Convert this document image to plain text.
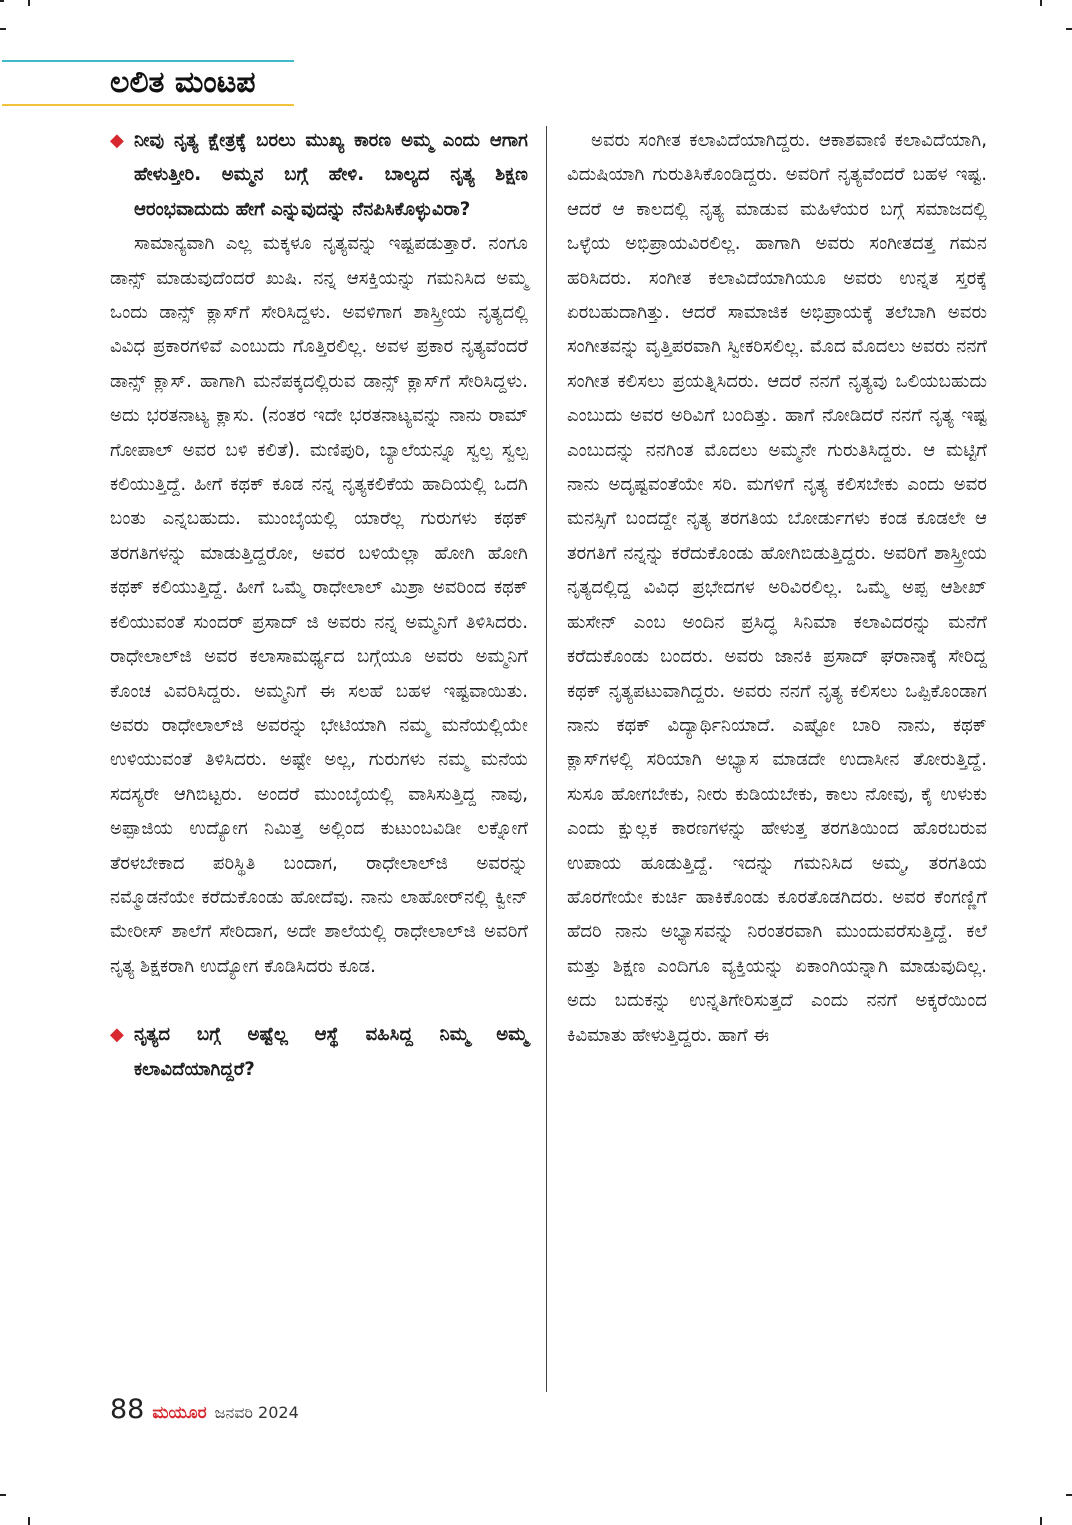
ಲಲಿತ ಮಂಟಪ

◆ ನೀವು ನೃತ್ಯ ಕ್ಷೇತ್ರಕ್ಕೆ ಬರಲು ಮುಖ್ಯ ಕಾರಣ ಅಮ್ಮ ಎಂದು ಆಗಾಗ ಹೇಳುತ್ತೀರಿ. ಅಮ್ಮನ ಬಗ್ಗೆ ಹೇಳಿ. ಬಾಲ್ಯದ ನೃತ್ಯ ಶಿಕ್ಷಣ ಆರಂಭವಾದುದು ಹೇಗೆ ಎನ್ನುವುದನ್ನು ನೆನಪಿಸಿಕೊಳ್ಳುವಿರಾ?

ಸಾಮಾನ್ಯವಾಗಿ ಎಲ್ಲ ಮಕ್ಕಳೂ ನೃತ್ಯವನ್ನು ಇಷ್ಟಪಡುತ್ತಾರೆ. ನಂಗೂ ಡಾನ್ಸ್ ಮಾಡುವುದೆಂದರೆ ಖುಷಿ. ನನ್ನ ಆಸಕ್ತಿಯನ್ನು ಗಮನಿಸಿದ ಅಮ್ಮ ಒಂದು ಡಾನ್ಸ್ ಕ್ಲಾಸ್‌ಗೆ ಸೇರಿಸಿದ್ದಳು. ಅವಳಿಗಾಗ ಶಾಸ್ತ್ರೀಯ ನೃತ್ಯದಲ್ಲಿ ವಿವಿಧ ಪ್ರಕಾರಗಳಿವೆ ಎಂಬುದು ಗೊತ್ತಿರಲಿಲ್ಲ. ಅವಳ ಪ್ರಕಾರ ನೃತ್ಯವೆಂದರೆ ಡಾನ್ಸ್ ಕ್ಲಾಸ್. ಹಾಗಾಗಿ ಮನೆಪಕ್ಕದಲ್ಲಿರುವ ಡಾನ್ಸ್ ಕ್ಲಾಸ್‌ಗೆ ಸೇರಿಸಿದ್ದಳು. ಅದು ಭರತನಾಟ್ಯ ಕ್ಲಾಸು. (ನಂತರ ಇದೇ ಭರತನಾಟ್ಯವನ್ನು ನಾನು ರಾಮ್ ಗೋಪಾಲ್ ಅವರ ಬಳಿ ಕಲಿತೆ). ಮಣಿಪುರಿ, ಬ್ಯಾಲೆಯನ್ನೂ ಸ್ವಲ್ಪ ಸ್ವಲ್ಪ ಕಲಿಯುತ್ತಿದ್ದೆ. ಹೀಗೆ ಕಥಕ್ ಕೂಡ ನನ್ನ ನೃತ್ಯಕಲಿಕೆಯ ಹಾದಿಯಲ್ಲಿ ಒದಗಿ ಬಂತು ಎನ್ನಬಹುದು. ಮುಂಬೈಯಲ್ಲಿ ಯಾರೆಲ್ಲ ಗುರುಗಳು ಕಥಕ್ ತರಗತಿಗಳನ್ನು ಮಾಡುತ್ತಿದ್ದರೋ, ಅವರ ಬಳಿಯೆಲ್ಲಾ ಹೋಗಿ ಹೋಗಿ ಕಥಕ್ ಕಲಿಯುತ್ತಿದ್ದೆ. ಹೀಗೆ ಒಮ್ಮೆ ರಾಧೇಲಾಲ್ ಮಿಶ್ರಾ ಅವರಿಂದ ಕಥಕ್ ಕಲಿಯುವಂತೆ ಸುಂದರ್ ಪ್ರಸಾದ್ ಜಿ ಅವರು ನನ್ನ ಅಮ್ಮನಿಗೆ ತಿಳಿಸಿದರು. ರಾಧೇಲಾಲ್‌ಜಿ ಅವರ ಕಲಾಸಾಮರ್ಥ್ಯದ ಬಗ್ಗೆಯೂ ಅವರು ಅಮ್ಮನಿಗೆ ಕೊಂಚ ವಿವರಿಸಿದ್ದರು. ಅಮ್ಮನಿಗೆ ಈ ಸಲಹೆ ಬಹಳ ಇಷ್ಟವಾಯಿತು. ಅವರು ರಾಧೇಲಾಲ್‌ಜಿ ಅವರನ್ನು ಭೇಟಿಯಾಗಿ ನಮ್ಮ ಮನೆಯಲ್ಲಿಯೇ ಉಳಿಯುವಂತೆ ತಿಳಿಸಿದರು. ಅಷ್ಟೇ ಅಲ್ಲ, ಗುರುಗಳು ನಮ್ಮ ಮನೆಯ ಸದಸ್ಯರೇ ಆಗಿಬಿಟ್ಟರು. ಅಂದರೆ ಮುಂಬೈಯಲ್ಲಿ ವಾಸಿಸುತ್ತಿದ್ದ ನಾವು, ಅಪ್ಪಾಜಿಯ ಉದ್ಯೋಗ ನಿಮಿತ್ತ ಅಲ್ಲಿಂದ ಕುಟುಂಬವಿಡೀ ಲಕ್ನೋಗೆ ತೆರಳಬೇಕಾದ ಪರಿಸ್ಥಿತಿ ಬಂದಾಗ, ರಾಧೇಲಾಲ್‌ಜಿ ಅವರನ್ನು ನಮ್ಮೊಡನೆಯೇ ಕರೆದುಕೊಂಡು ಹೋದೆವು. ನಾನು ಲಾಹೋರ್‌ನಲ್ಲಿ ಕ್ವೀನ್ ಮೇರೀಸ್ ಶಾಲೆಗೆ ಸೇರಿದಾಗ, ಅದೇ ಶಾಲೆಯಲ್ಲಿ ರಾಧೇಲಾಲ್‌ಜಿ ಅವರಿಗೆ ನೃತ್ಯ ಶಿಕ್ಷಕರಾಗಿ ಉದ್ಯೋಗ ಕೊಡಿಸಿದರು ಕೂಡ.

◆ ನೃತ್ಯದ ಬಗ್ಗೆ ಅಷ್ಟೆಲ್ಲ ಆಸ್ಥೆ ವಹಿಸಿದ್ದ ನಿಮ್ಮ ಅಮ್ಮ ಕಲಾವಿದೆಯಾಗಿದ್ದರೆ?

ಅವರು ಸಂಗೀತ ಕಲಾವಿದೆಯಾಗಿದ್ದರು. ಆಕಾಶವಾಣಿ ಕಲಾವಿದೆಯಾಗಿ, ವಿದುಷಿಯಾಗಿ ಗುರುತಿಸಿಕೊಂಡಿದ್ದರು. ಅವರಿಗೆ ನೃತ್ಯವೆಂದರೆ ಬಹಳ ಇಷ್ಟ. ಆದರೆ ಆ ಕಾಲದಲ್ಲಿ ನೃತ್ಯ ಮಾಡುವ ಮಹಿಳೆಯರ ಬಗ್ಗೆ ಸಮಾಜದಲ್ಲಿ ಒಳ್ಳೆಯ ಅಭಿಪ್ರಾಯವಿರಲಿಲ್ಲ. ಹಾಗಾಗಿ ಅವರು ಸಂಗೀತದತ್ತ ಗಮನ ಹರಿಸಿದರು. ಸಂಗೀತ ಕಲಾವಿದೆಯಾಗಿಯೂ ಅವರು ಉನ್ನತ ಸ್ತರಕ್ಕೆ ಏರಬಹುದಾಗಿತ್ತು. ಆದರೆ ಸಾಮಾಜಿಕ ಅಭಿಪ್ರಾಯಕ್ಕೆ ತಲೆಬಾಗಿ ಅವರು ಸಂಗೀತವನ್ನು ವೃತ್ತಿಪರವಾಗಿ ಸ್ವೀಕರಿಸಲಿಲ್ಲ. ಮೊದ ಮೊದಲು ಅವರು ನನಗೆ ಸಂಗೀತ ಕಲಿಸಲು ಪ್ರಯತ್ನಿಸಿದರು. ಆದರೆ ನನಗೆ ನೃತ್ಯವು ಒಲಿಯಬಹುದು ಎಂಬುದು ಅವರ ಅರಿವಿಗೆ ಬಂದಿತ್ತು. ಹಾಗೆ ನೋಡಿದರೆ ನನಗೆ ನೃತ್ಯ ಇಷ್ಟ ಎಂಬುದನ್ನು ನನಗಿಂತ ಮೊದಲು ಅಮ್ಮನೇ ಗುರುತಿಸಿದ್ದರು. ಆ ಮಟ್ಟಿಗೆ ನಾನು ಅದೃಷ್ಟವಂತೆಯೇ ಸರಿ. ಮಗಳಿಗೆ ನೃತ್ಯ ಕಲಿಸಬೇಕು ಎಂದು ಅವರ ಮನಸ್ಸಿಗೆ ಬಂದದ್ದೇ ನೃತ್ಯ ತರಗತಿಯ ಬೋರ್ಡುಗಳು ಕಂಡ ಕೂಡಲೇ ಆ ತರಗತಿಗೆ ನನ್ನನ್ನು ಕರೆದುಕೊಂಡು ಹೋಗಿಬಿಡುತ್ತಿದ್ದರು. ಅವರಿಗೆ ಶಾಸ್ತ್ರೀಯ ನೃತ್ಯದಲ್ಲಿದ್ದ ವಿವಿಧ ಪ್ರಭೇದಗಳ ಅರಿವಿರಲಿಲ್ಲ. ಒಮ್ಮೆ ಅಪ್ಪ ಆಶೀಖ್ ಹುಸೇನ್ ಎಂಬ ಅಂದಿನ ಪ್ರಸಿದ್ಧ ಸಿನಿಮಾ ಕಲಾವಿದರನ್ನು ಮನೆಗೆ ಕರೆದುಕೊಂಡು ಬಂದರು. ಅವರು ಜಾನಕಿ ಪ್ರಸಾದ್ ಘರಾನಾಕ್ಕೆ ಸೇರಿದ್ದ ಕಥಕ್ ನೃತ್ಯಪಟುವಾಗಿದ್ದರು. ಅವರು ನನಗೆ ನೃತ್ಯ ಕಲಿಸಲು ಒಪ್ಪಿಕೊಂಡಾಗ ನಾನು ಕಥಕ್ ವಿದ್ಯಾರ್ಥಿನಿಯಾದೆ. ಎಷ್ಟೋ ಬಾರಿ ನಾನು, ಕಥಕ್ ಕ್ಲಾಸ್‌ಗಳಲ್ಲಿ ಸರಿಯಾಗಿ ಅಭ್ಯಾಸ ಮಾಡದೇ ಉದಾಸೀನ ತೋರುತ್ತಿದ್ದೆ. ಸುಸೂ ಹೋಗಬೇಕು, ನೀರು ಕುಡಿಯಬೇಕು, ಕಾಲು ನೋವು, ಕೈ ಉಳುಕು ಎಂದು ಕ್ಷುಲ್ಲಕ ಕಾರಣಗಳನ್ನು ಹೇಳುತ್ತ ತರಗತಿಯಿಂದ ಹೊರಬರುವ ಉಪಾಯ ಹೂಡುತ್ತಿದ್ದೆ. ಇದನ್ನು ಗಮನಿಸಿದ ಅಮ್ಮ, ತರಗತಿಯ ಹೊರಗೇಯೇ ಕುರ್ಚಿ ಹಾಕಿಕೊಂಡು ಕೂರತೊಡಗಿದರು. ಅವರ ಕೆಂಗಣ್ಣಿಗೆ ಹೆದರಿ ನಾನು ಅಭ್ಯಾಸವನ್ನು ನಿರಂತರವಾಗಿ ಮುಂದುವರೆಸುತ್ತಿದ್ದೆ. ಕಲೆ ಮತ್ತು ಶಿಕ್ಷಣ ಎಂದಿಗೂ ವ್ಯಕ್ತಿಯನ್ನು ಏಕಾಂಗಿಯನ್ನಾಗಿ ಮಾಡುವುದಿಲ್ಲ. ಅದು ಬದುಕನ್ನು ಉನ್ನತಿಗೇರಿಸುತ್ತದೆ ಎಂದು ನನಗೆ ಅಕ್ಕರೆಯಿಂದ ಕಿವಿಮಾತು ಹೇಳುತ್ತಿದ್ದರು. ಹಾಗೆ ಈ

88 ಮಯೂರ ಜನವರಿ 2024
